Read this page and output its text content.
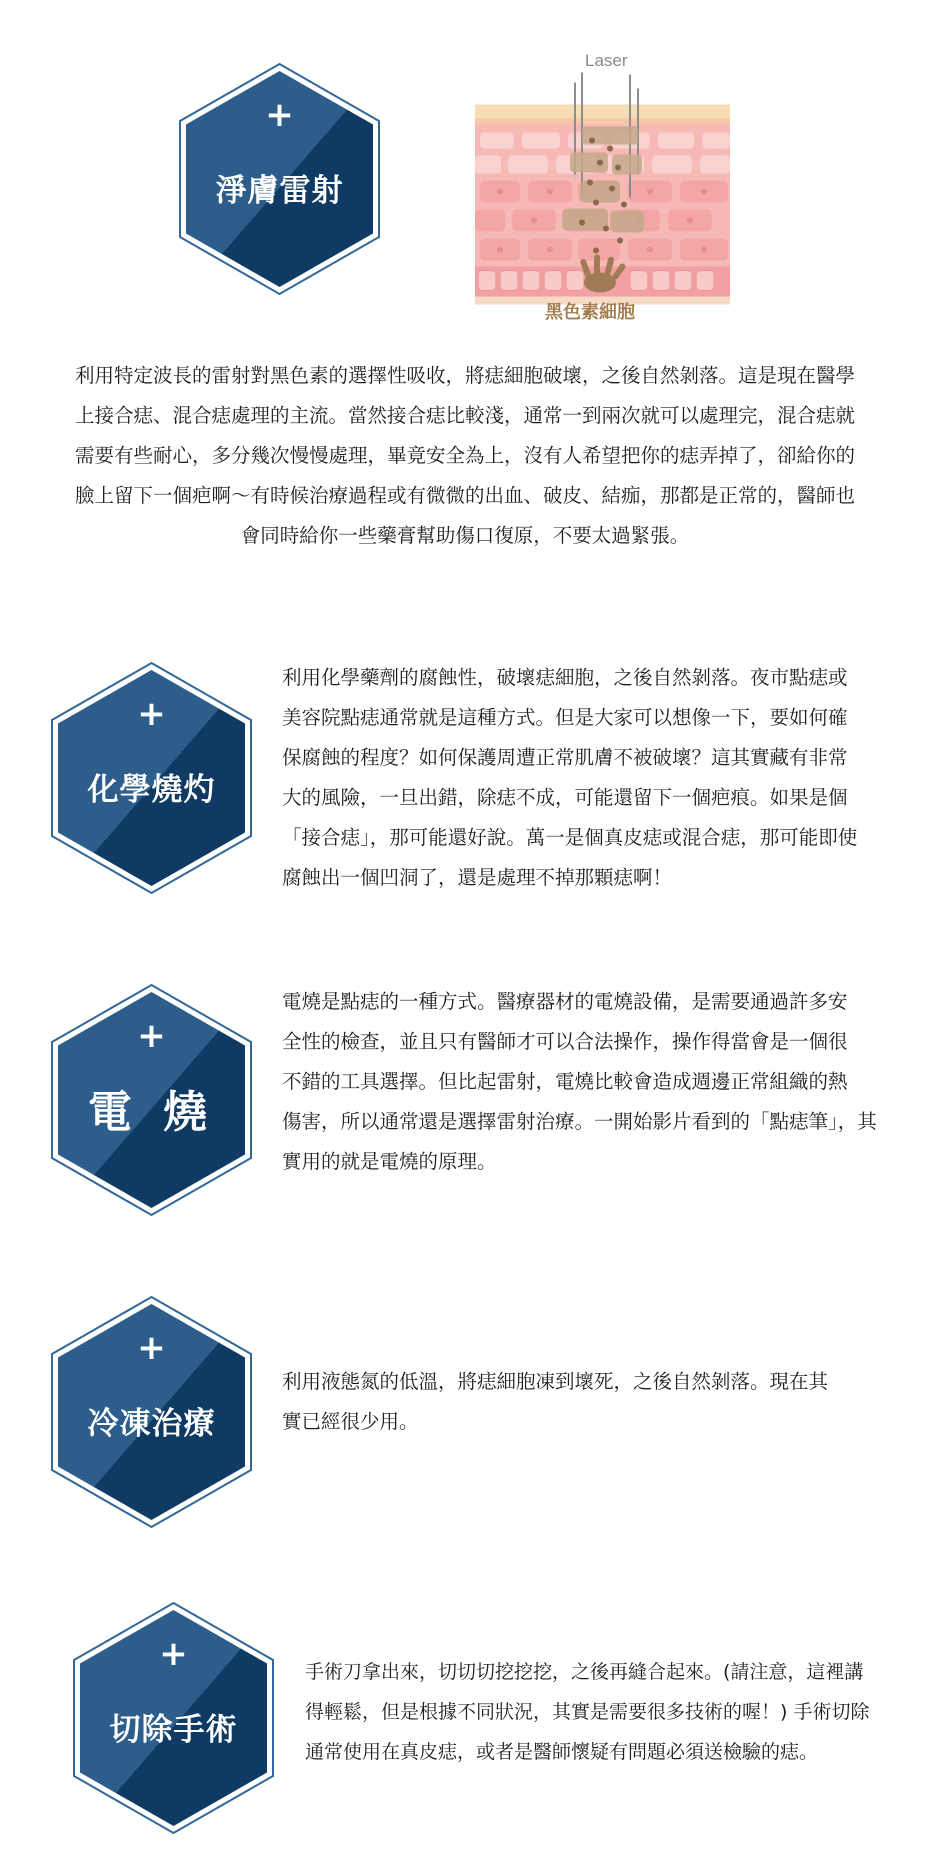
+
淨膚雷射
Laser
黑色素細胞
利用特定波長的雷射對黑色素的選擇性吸收，將痣細胞破壞，之後自然剝落。這是現在醫學
上接合痣、混合痣處理的主流。當然接合痣比較淺，通常一到兩次就可以處理完，混合痣就
需要有些耐心，多分幾次慢慢處理，畢竟安全為上，沒有人希望把你的痣弄掉了，卻給你的
臉上留下一個疤啊～有時候治療過程或有微微的出血、破皮、結痂，那都是正常的，醫師也
會同時給你一些藥膏幫助傷口復原，不要太過緊張。
+
化學燒灼
利用化學藥劑的腐蝕性，破壞痣細胞，之後自然剝落。夜市點痣或
美容院點痣通常就是這種方式。但是大家可以想像一下，要如何確
保腐蝕的程度？如何保護周遭正常肌膚不被破壞？這其實藏有非常
大的風險，一旦出錯，除痣不成，可能還留下一個疤痕。如果是個
「接合痣」，那可能還好說。萬一是個真皮痣或混合痣，那可能即使
腐蝕出一個凹洞了，還是處理不掉那顆痣啊！
+
電 燒
電燒是點痣的一種方式。醫療器材的電燒設備，是需要通過許多安
全性的檢查，並且只有醫師才可以合法操作，操作得當會是一個很
不錯的工具選擇。但比起雷射，電燒比較會造成週邊正常組織的熱
傷害，所以通常還是選擇雷射治療。一開始影片看到的「點痣筆」，其
實用的就是電燒的原理。
+
冷凍治療
利用液態氮的低溫，將痣細胞凍到壞死，之後自然剝落。現在其
實已經很少用。
+
切除手術
手術刀拿出來，切切切挖挖挖，之後再縫合起來。(請注意，這裡講
得輕鬆，但是根據不同狀況，其實是需要很多技術的喔！) 手術切除
通常使用在真皮痣，或者是醫師懷疑有問題必須送檢驗的痣。
